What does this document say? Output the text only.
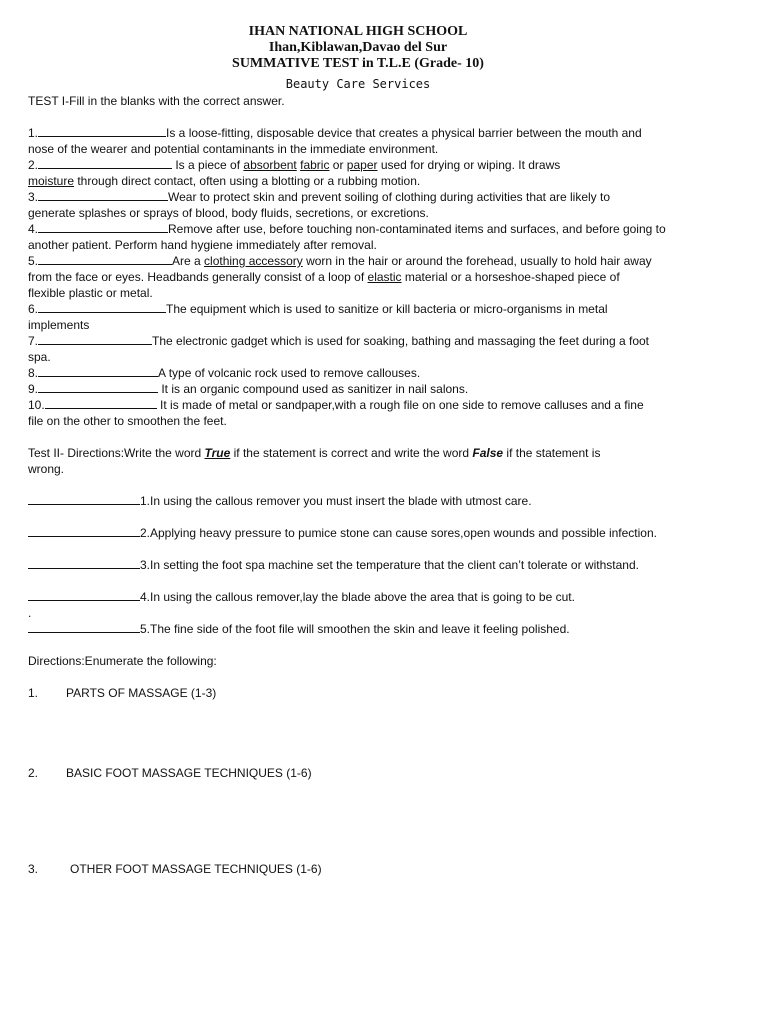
IHAN NATIONAL HIGH SCHOOL
Ihan,Kiblawan,Davao del Sur
SUMMATIVE TEST in T.L.E (Grade- 10)
Beauty Care Services

TEST I-Fill in the blanks with the correct answer.

1.	Is a loose-fitting, disposable device that creates a physical barrier between the mouth and

nose of the wearer and potential contaminants in the immediate environment.

2.	Is a piece of absorbent fabric or paper used for drying or wiping. It draws

moisture through direct contact, often using a blotting or a rubbing motion.

3.	Wear to protect skin and prevent soiling of clothing during activities that are likely to

generate splashes or sprays of blood, body fluids, secretions, or excretions.

4.	Remove after use, before touching non-contaminated items and surfaces, and before going to

another patient. Perform hand hygiene immediately after removal.

5.	Are a clothing accessory worn in the hair or around the forehead, usually to hold hair away

from the face or eyes. Headbands generally consist of a loop of elastic material or a horseshoe-shaped piece of

flexible plastic or metal.

6.	The equipment which is used to sanitize or kill bacteria or micro-organisms in metal

implements

7.	The electronic gadget which is used for soaking, bathing and massaging the feet during a foot

spa.

8.	A type of volcanic rock used to remove callouses.

9.	It is an organic compound used as sanitizer in nail salons.

10.	It is made of metal or sandpaper,with a rough file on one side to remove calluses and a fine

file on the other to smoothen the feet.

Test II- Directions:Write the word True if the statement is correct and write the word False if the statement is

wrong.

1.In using the callous remover you must insert the blade with utmost care.

2.Applying heavy pressure to pumice stone can cause sores,open wounds and possible infection.

3.In setting the foot spa machine set the temperature that the client can’t tolerate or withstand.

4.In using the callous remover,lay the blade above the area that is going to be cut.

.

5.The fine side of the foot file will smoothen the skin and leave it feeling polished.

Directions:Enumerate the following:

1. PARTS OF MASSAGE (1-3)
2. BASIC FOOT MASSAGE TECHNIQUES (1-6)
3.	OTHER FOOT MASSAGE TECHNIQUES (1-6)
